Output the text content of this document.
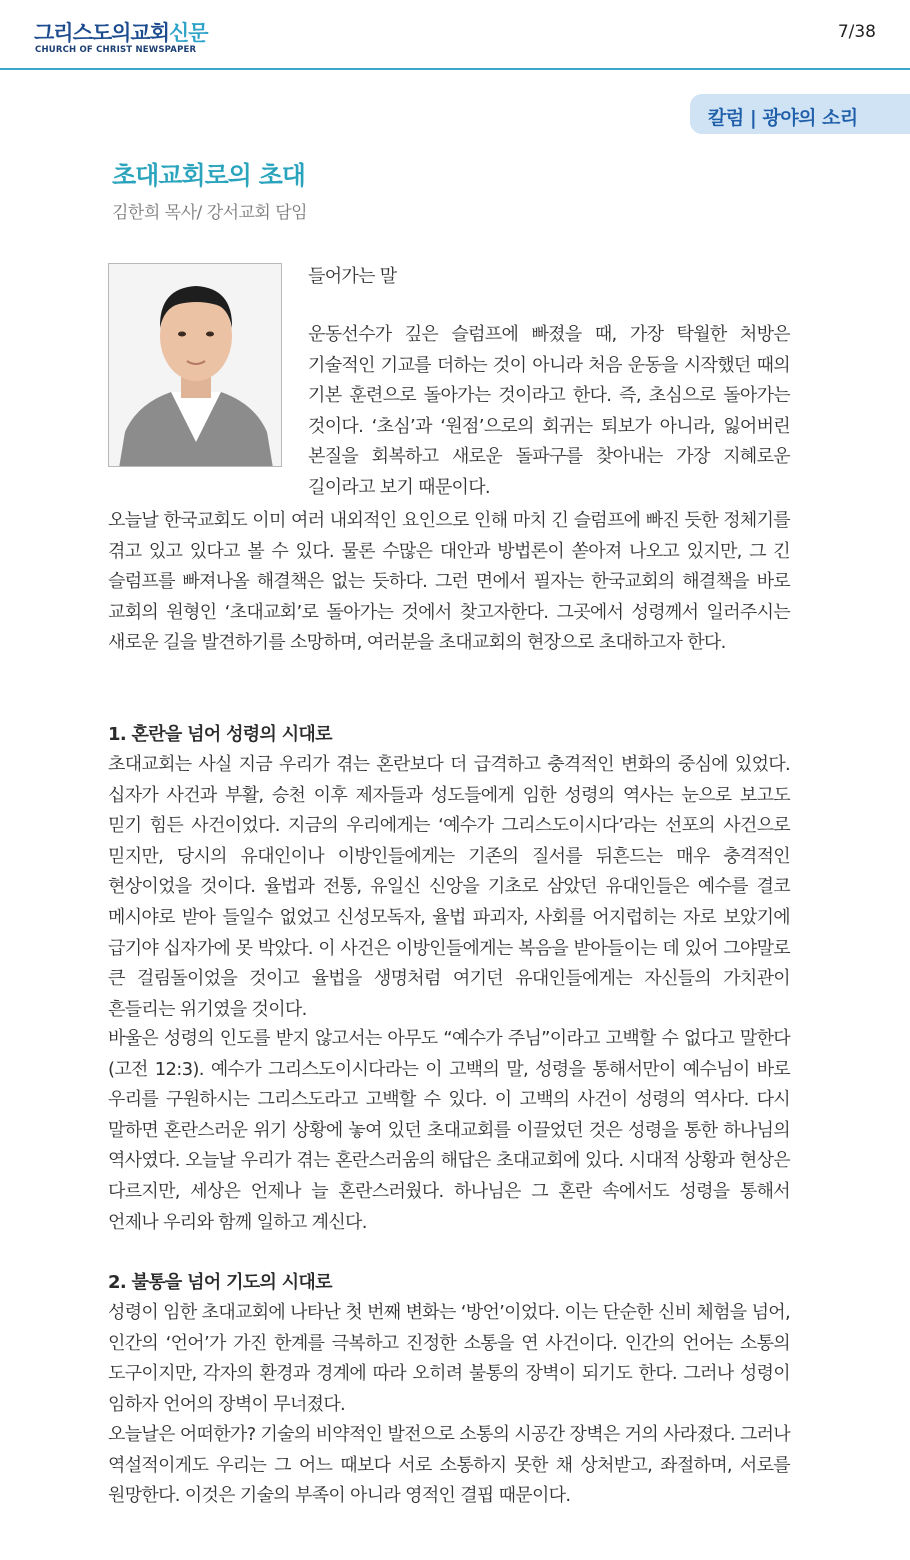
그리스도의교회신문
CHURCH OF CHRIST NEWSPAPER
7/38
칼럼 | 광야의 소리
초대교회로의 초대
김한희 목사/ 강서교회 담임
들어가는 말
운동선수가 깊은 슬럼프에 빠졌을 때, 가장 탁월한 처방은 기술적인 기교를 더하는 것이 아니라 처음 운동을 시작했던 때의 기본 훈련으로 돌아가는 것이라고 한다. 즉, 초심으로 돌아가는 것이다. ‘초심’과 ‘원점’으로의 회귀는 퇴보가 아니라, 잃어버린 본질을 회복하고 새로운 돌파구를 찾아내는 가장 지혜로운 길이라고 보기 때문이다.
오늘날 한국교회도 이미 여러 내외적인 요인으로 인해 마치 긴 슬럼프에 빠진 듯한 정체기를 겪고 있고 있다고 볼 수 있다. 물론 수많은 대안과 방법론이 쏟아져 나오고 있지만, 그 긴 슬럼프를 빠져나올 해결책은 없는 듯하다. 그런 면에서 필자는 한국교회의 해결책을 바로 교회의 원형인 ‘초대교회’로 돌아가는 것에서 찾고자한다. 그곳에서 성령께서 일러주시는 새로운 길을 발견하기를 소망하며, 여러분을 초대교회의 현장으로 초대하고자 한다.
1. 혼란을 넘어 성령의 시대로
초대교회는 사실 지금 우리가 겪는 혼란보다 더 급격하고 충격적인 변화의 중심에 있었다. 십자가 사건과 부활, 승천 이후 제자들과 성도들에게 임한 성령의 역사는 눈으로 보고도 믿기 힘든 사건이었다. 지금의 우리에게는 ‘예수가 그리스도이시다’라는 선포의 사건으로 믿지만, 당시의 유대인이나 이방인들에게는 기존의 질서를 뒤흔드는 매우 충격적인 현상이었을 것이다. 율법과 전통, 유일신 신앙을 기초로 삼았던 유대인들은 예수를 결코 메시야로 받아 들일수 없었고 신성모독자, 율법 파괴자, 사회를 어지럽히는 자로 보았기에 급기야 십자가에 못 박았다. 이 사건은 이방인들에게는 복음을 받아들이는 데 있어 그야말로 큰 걸림돌이었을 것이고 율법을 생명처럼 여기던 유대인들에게는 자신들의 가치관이 흔들리는 위기였을 것이다.
바울은 성령의 인도를 받지 않고서는 아무도 “예수가 주님”이라고 고백할 수 없다고 말한다(고전 12:3). 예수가 그리스도이시다라는 이 고백의 말, 성령을 통해서만이 예수님이 바로 우리를 구원하시는 그리스도라고 고백할 수 있다. 이 고백의 사건이 성령의 역사다. 다시 말하면 혼란스러운 위기 상황에 놓여 있던 초대교회를 이끌었던 것은 성령을 통한 하나님의 역사였다. 오늘날 우리가 겪는 혼란스러움의 해답은 초대교회에 있다. 시대적 상황과 현상은 다르지만, 세상은 언제나 늘 혼란스러웠다. 하나님은 그 혼란 속에서도 성령을 통해서 언제나 우리와 함께 일하고 계신다.
2. 불통을 넘어 기도의 시대로
성령이 임한 초대교회에 나타난 첫 번째 변화는 ‘방언’이었다. 이는 단순한 신비 체험을 넘어, 인간의 ‘언어’가 가진 한계를 극복하고 진정한 소통을 연 사건이다. 인간의 언어는 소통의 도구이지만, 각자의 환경과 경계에 따라 오히려 불통의 장벽이 되기도 한다. 그러나 성령이 임하자 언어의 장벽이 무너졌다.
오늘날은 어떠한가? 기술의 비약적인 발전으로 소통의 시공간 장벽은 거의 사라졌다. 그러나 역설적이게도 우리는 그 어느 때보다 서로 소통하지 못한 채 상처받고, 좌절하며, 서로를 원망한다. 이것은 기술의 부족이 아니라 영적인 결핍 때문이다.
